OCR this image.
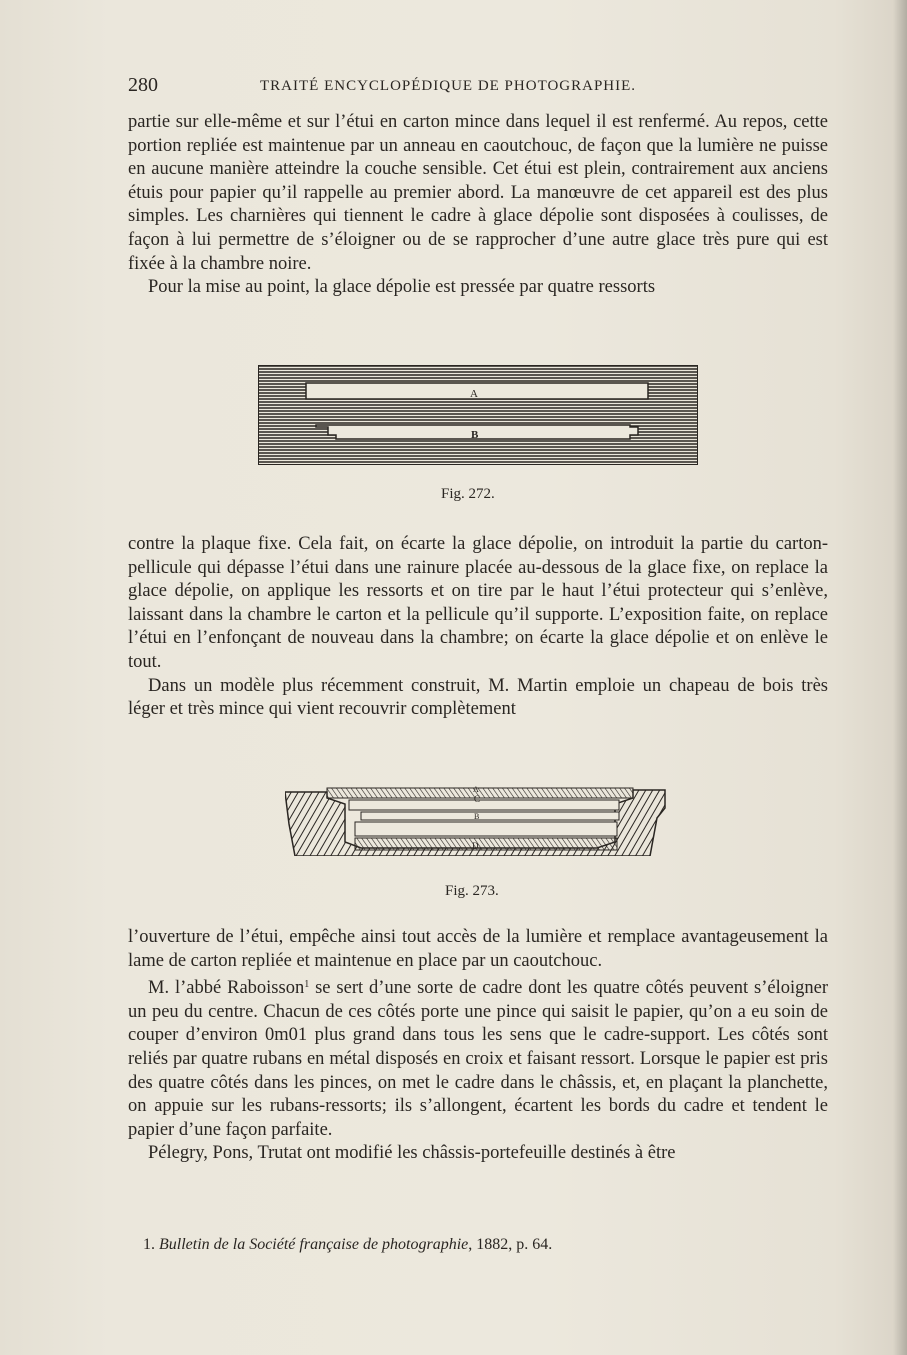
280	TRAITÉ ENCYCLOPÉDIQUE DE PHOTOGRAPHIE.

partie sur elle-même et sur l’étui en carton mince dans lequel il est renfermé. Au repos, cette portion repliée est maintenue par un anneau en caoutchouc, de façon que la lumière ne puisse en aucune manière atteindre la couche sensible. Cet étui est plein, contrairement aux anciens étuis pour papier qu’il rappelle au premier abord. La manœuvre de cet appareil est des plus simples. Les charnières qui tiennent le cadre à glace dépolie sont disposées à coulisses, de façon à lui permettre de s’éloigner ou de se rapprocher d’une autre glace très pure qui est fixée à la chambre noire.

Pour la mise au point, la glace dépolie est pressée par quatre ressorts

A
B
Fig. 272.

contre la plaque fixe. Cela fait, on écarte la glace dépolie, on introduit la partie du carton-pellicule qui dépasse l’étui dans une rainure placée au-dessous de la glace fixe, on replace la glace dépolie, on applique les ressorts et on tire par le haut l’étui protecteur qui s’enlève, laissant dans la chambre le carton et la pellicule qu’il supporte. L’exposition faite, on replace l’étui en l’enfonçant de nouveau dans la chambre; on écarte la glace dépolie et on enlève le tout.

Dans un modèle plus récemment construit, M. Martin emploie un chapeau de bois très léger et très mince qui vient recouvrir complètement

A
C
B
D
Fig. 273.

l’ouverture de l’étui, empêche ainsi tout accès de la lumière et remplace avantageusement la lame de carton repliée et maintenue en place par un caoutchouc.

M. l’abbé Raboisson$^1$ se sert d’une sorte de cadre dont les quatre côtés peuvent s’éloigner un peu du centre. Chacun de ces côtés porte une pince qui saisit le papier, qu’on a eu soin de couper d’environ 0m01 plus grand dans tous les sens que le cadre-support. Les côtés sont reliés par quatre rubans en métal disposés en croix et faisant ressort. Lorsque le papier est pris des quatre côtés dans les pinces, on met le cadre dans le châssis, et, en plaçant la planchette, on appuie sur les rubans-ressorts; ils s’allongent, écartent les bords du cadre et tendent le papier d’une façon parfaite.

Pélegry, Pons, Trutat ont modifié les châssis-portefeuille destinés à être

1. Bulletin de la Société française de photographie, 1882, p. 64.
